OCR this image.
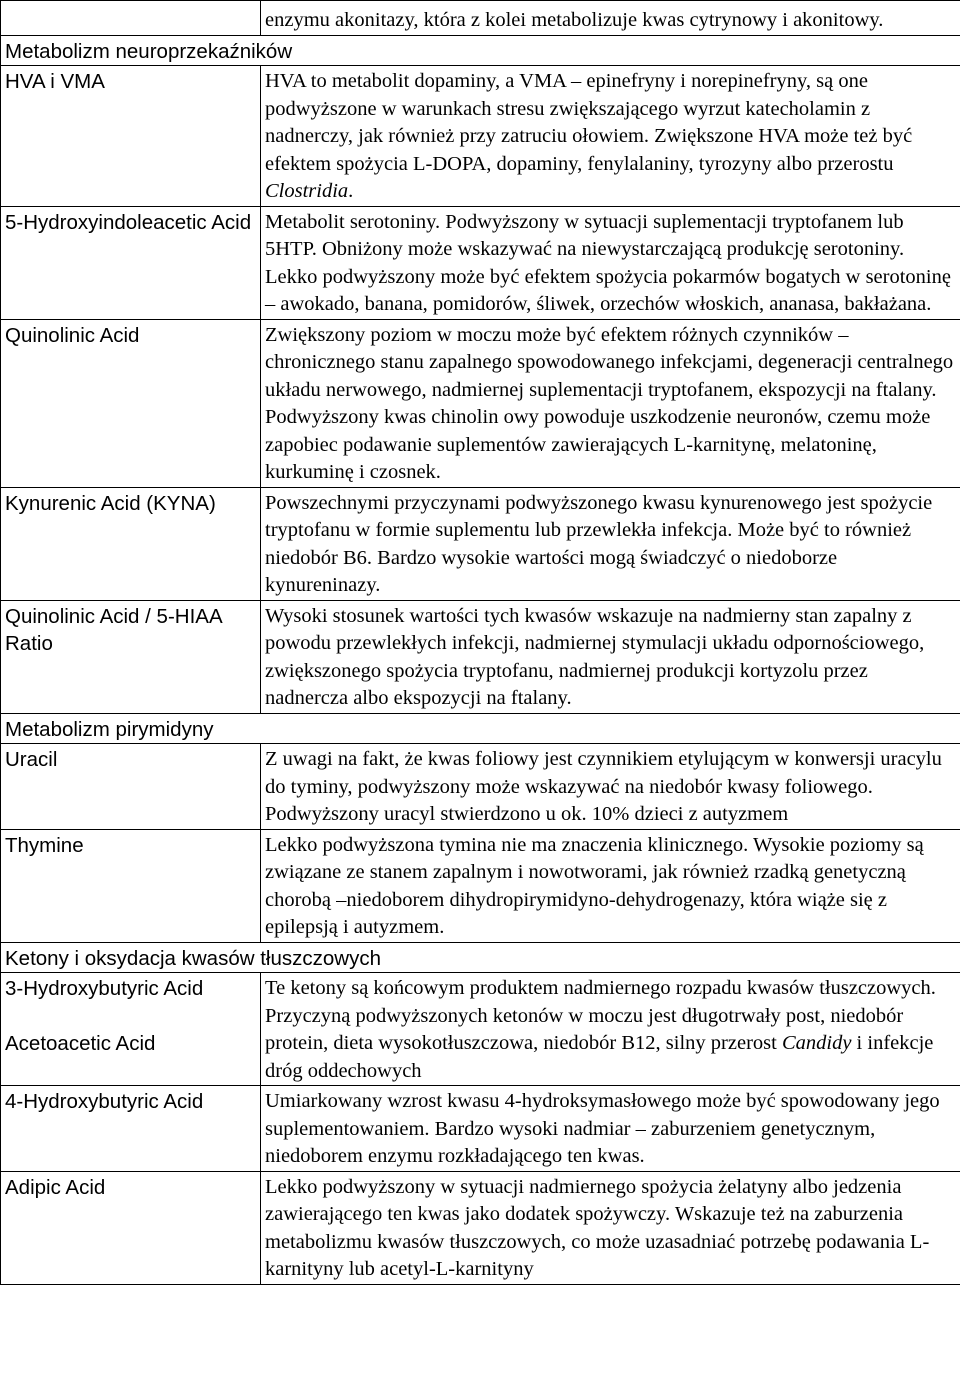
	enzymu akonitazy, która z kolei metabolizuje kwas cytrynowy i akonitowy.
Metabolizm neuroprzekaźników	
HVA i VMA	HVA to metabolit dopaminy, a VMA – epinefryny i norepinefryny, są one podwyższone w warunkach stresu zwiększającego wyrzut katecholamin z nadnerczy, jak również przy zatruciu ołowiem. Zwiększone HVA może też być efektem spożycia L-DOPA, dopaminy, fenylalaniny, tyrozyny albo przerostu Clostridia.
5-Hydroxyindoleacetic Acid	Metabolit serotoniny. Podwyższony w sytuacji suplementacji tryptofanem lub 5HTP. Obniżony może wskazywać na niewystarczającą produkcję serotoniny. Lekko podwyższony może być efektem spożycia pokarmów bogatych w serotoninę – awokado, banana, pomidorów, śliwek, orzechów włoskich, ananasa, bakłażana.
Quinolinic Acid	Zwiększony poziom w moczu może być efektem różnych czynników – chronicznego stanu zapalnego spowodowanego infekcjami, degeneracji centralnego układu nerwowego, nadmiernej suplementacji tryptofanem, ekspozycji na ftalany. Podwyższony kwas chinolin owy powoduje uszkodzenie neuronów, czemu może zapobiec podawanie suplementów zawierających L-karnitynę, melatoninę, kurkuminę i czosnek.
Kynurenic Acid (KYNA)	Powszechnymi przyczynami podwyższonego kwasu kynurenowego jest spożycie tryptofanu w formie suplementu lub przewlekła infekcja. Może być to również niedobór B6. Bardzo wysokie wartości mogą świadczyć o niedoborze kynureninazy.
Quinolinic Acid / 5-HIAA Ratio	Wysoki stosunek wartości tych kwasów wskazuje na nadmierny stan zapalny z powodu przewlekłych infekcji, nadmiernej stymulacji układu odpornościowego, zwiększonego spożycia tryptofanu, nadmiernej produkcji kortyzolu przez nadnercza albo ekspozycji na ftalany.
Metabolizm pirymidyny	
Uracil	Z uwagi na fakt, że kwas foliowy jest czynnikiem etylującym w konwersji uracylu do tyminy, podwyższony może wskazywać na niedobór kwasy foliowego. Podwyższony uracyl stwierdzono u ok. 10% dzieci z autyzmem
Thymine	Lekko podwyższona tymina nie ma znaczenia klinicznego. Wysokie poziomy są związane ze stanem zapalnym i nowotworami, jak również rzadką genetyczną chorobą –niedoborem dihydropirymidyno-dehydrogenazy, która wiąże się z epilepsją i autyzmem.
Ketony i oksydacja kwasów tłuszczowych	

3-Hydroxybutyric Acid
Acetoacetic Acid	Te ketony są końcowym produktem nadmiernego rozpadu kwasów tłuszczowych. Przyczyną podwyższonych ketonów w moczu jest długotrwały post, niedobór protein, dieta wysokotłuszczowa, niedobór B12, silny przerost Candidy i infekcje dróg oddechowych
4-Hydroxybutyric Acid	Umiarkowany wzrost kwasu 4-hydroksymasłowego może być spowodowany jego suplementowaniem. Bardzo wysoki nadmiar – zaburzeniem genetycznym, niedoborem enzymu rozkładającego ten kwas.
Adipic Acid	Lekko podwyższony w sytuacji nadmiernego spożycia żelatyny albo jedzenia zawierającego ten kwas jako dodatek spożywczy. Wskazuje też na zaburzenia metabolizmu kwasów tłuszczowych, co może uzasadniać potrzebę podawania L-karnityny lub acetyl-L-karnityny
